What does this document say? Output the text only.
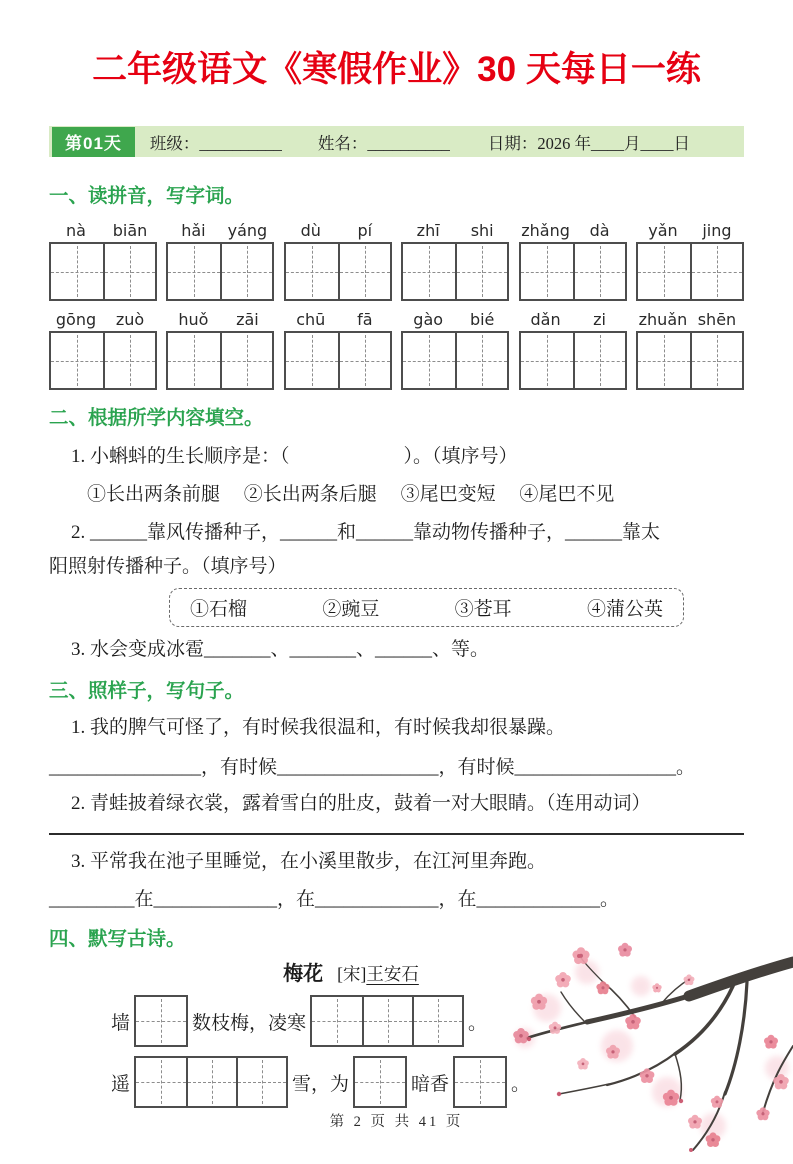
二年级语文《寒假作业》30 天每日一练
第01天	班级：__________ 姓名：__________ 日期：2026 年____月____日
一、读拼音，写字词。
nà	biān	hǎi	yáng	dù	pí	zhī	shi	zhǎng	dà	yǎn	jing
gōng	zuò	huǒ	zāi	chū	fā	gào	bié	dǎn	zi	zhuǎn shēn
二、根据所学内容填空。
1. 小蝌蚪的生长顺序是：（　　　　　　）。（填序号）
①长出两条前腿　 ②长出两条后腿　 ③尾巴变短　 ④尾巴不见
2. ______靠风传播种子，______和______靠动物传播种子，______靠太
阳照射传播种子。（填序号）
①石榴	②豌豆	③苍耳	④蒲公英
3. 水会变成冰雹_______、_______、______、等。
三、照样子，写句子。
1. 我的脾气可怪了，有时候我很温和，有时候我却很暴躁。
________________，有时候_________________，有时候_________________。
2. 青蛙披着绿衣裳，露着雪白的肚皮，鼓着一对大眼睛。（连用动词）
3. 平常我在池子里睡觉，在小溪里散步，在江河里奔跑。
_________在_____________，在_____________，在_____________。
四、默写古诗。
梅花 [宋]王安石
墙	数枝梅，凌寒	。
遥	雪，为	暗香	。
第 2 页 共 41 页
